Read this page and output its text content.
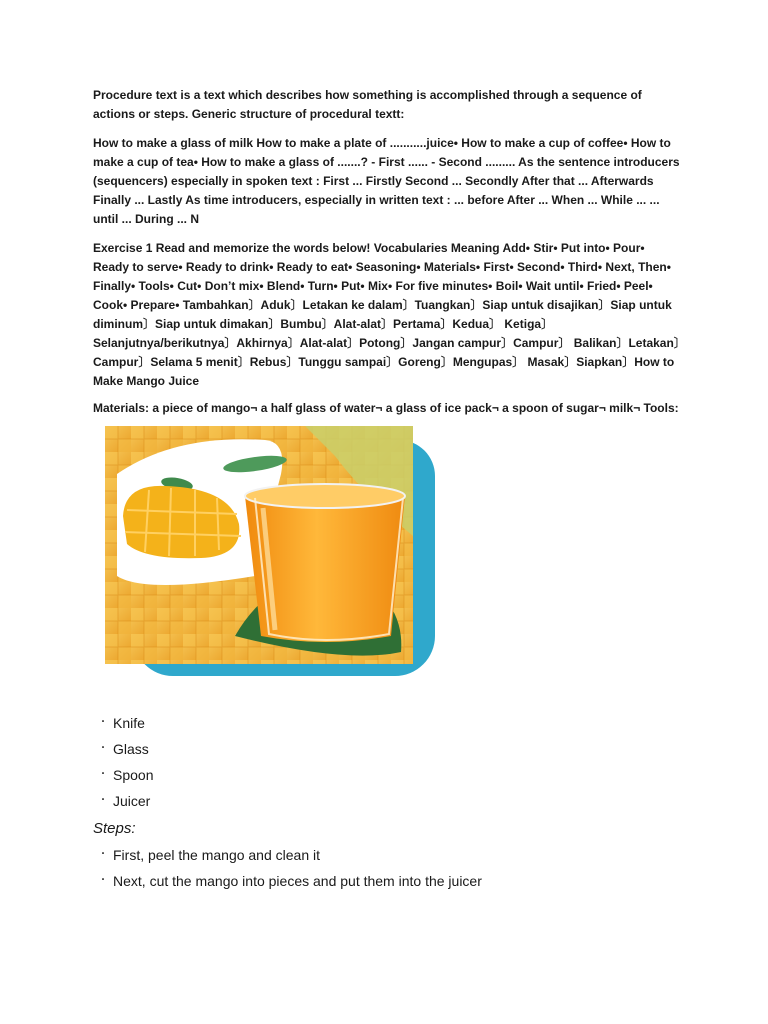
Procedure text is a text which describes how something is accomplished through a sequence of actions or steps. Generic structure of procedural textt:

How to make a glass of milk How to make a plate of ...........juice• How to make a cup of coffee• How to make a cup of tea• How to make a glass of .......? - First ...... - Second ......... As the sentence introducers (sequencers) especially in spoken text : First ... Firstly Second ... Secondly After that ... Afterwards Finally ... Lastly As time introducers, especially in written text : ... before After ... When ... While ... ... until ... During ... N

Exercise 1 Read and memorize the words below! Vocabularies Meaning Add• Stir• Put into• Pour• Ready to serve• Ready to drink• Ready to eat• Seasoning• Materials• First• Second• Third• Next, Then• Finally• Tools• Cut• Don’t mix• Blend• Turn• Put• Mix• For five minutes• Boil• Wait until• Fried• Peel• Cook• Prepare• Tambahkan〕Aduk〕Letakan ke dalam〕Tuangkan〕Siap untuk disajikan〕Siap untuk diminum〕Siap untuk dimakan〕Bumbu〕Alat-alat〕Pertama〕Kedua〕 Ketiga〕Selanjutnya/berikutnya〕Akhirnya〕Alat-alat〕Potong〕Jangan campur〕Campur〕 Balikan〕Letakan〕Campur〕Selama 5 menit〕Rebus〕Tunggu sampai〕Goreng〕Mengupas〕 Masak〕Siapkan〕How to Make Mango Juice

Materials: a piece of mango¬ a half glass of water¬ a glass of ice pack¬ a spoon of sugar¬ milk¬ Tools:

・ Knife
・ Glass
・ Spoon
・ Juicer
Steps:
・ First, peel the mango and clean it
・ Next, cut the mango into pieces and put them into the juicer
